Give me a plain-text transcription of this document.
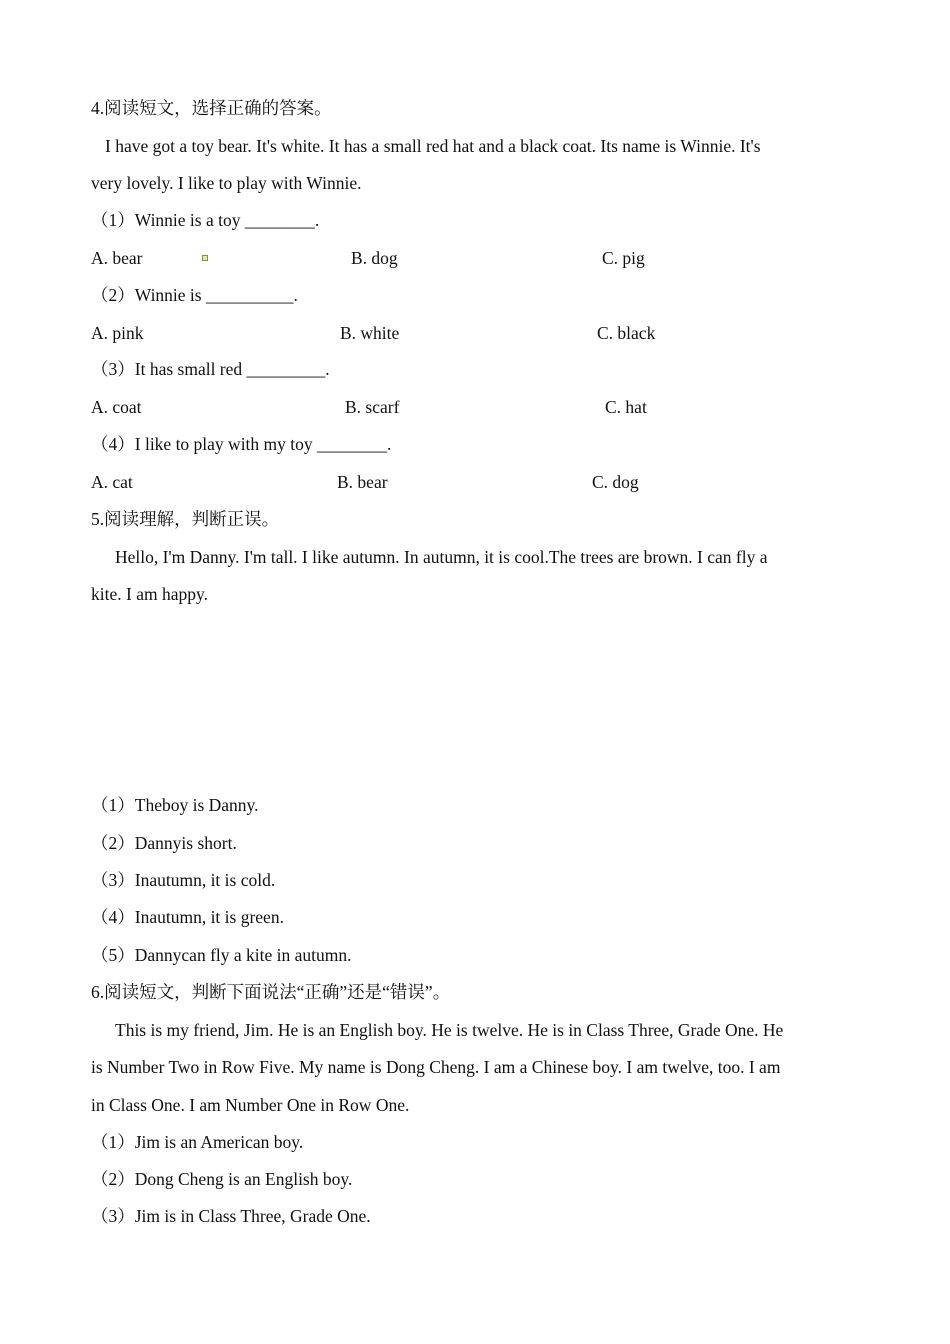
4.阅读短文，选择正确的答案。
I have got a toy bear. It's white. It has a small red hat and a black coat. Its name is Winnie. It's
very lovely. I like to play with Winnie.
（1）Winnie is a toy ________.
A. bear	B. dog	C. pig
（2）Winnie is __________.
A. pink	B. white	C. black
（3）It has small red _________.
A. coat	B. scarf	C. hat
（4）I like to play with my toy ________.
A. cat	B. bear	C. dog
5.阅读理解，判断正误。
Hello, I'm Danny. I'm tall. I like autumn. In autumn, it is cool.The trees are brown. I can fly a
kite. I am happy.
（1）Theboy is Danny.
（2）Dannyis short.
（3）Inautumn, it is cold.
（4）Inautumn, it is green.
（5）Dannycan fly a kite in autumn.
6.阅读短文，判断下面说法“正确”还是“错误”。
This is my friend, Jim. He is an English boy. He is twelve. He is in Class Three, Grade One. He
is Number Two in Row Five. My name is Dong Cheng. I am a Chinese boy. I am twelve, too. I am
in Class One. I am Number One in Row One.
（1）Jim is an American boy.
（2）Dong Cheng is an English boy.
（3）Jim is in Class Three, Grade One.
